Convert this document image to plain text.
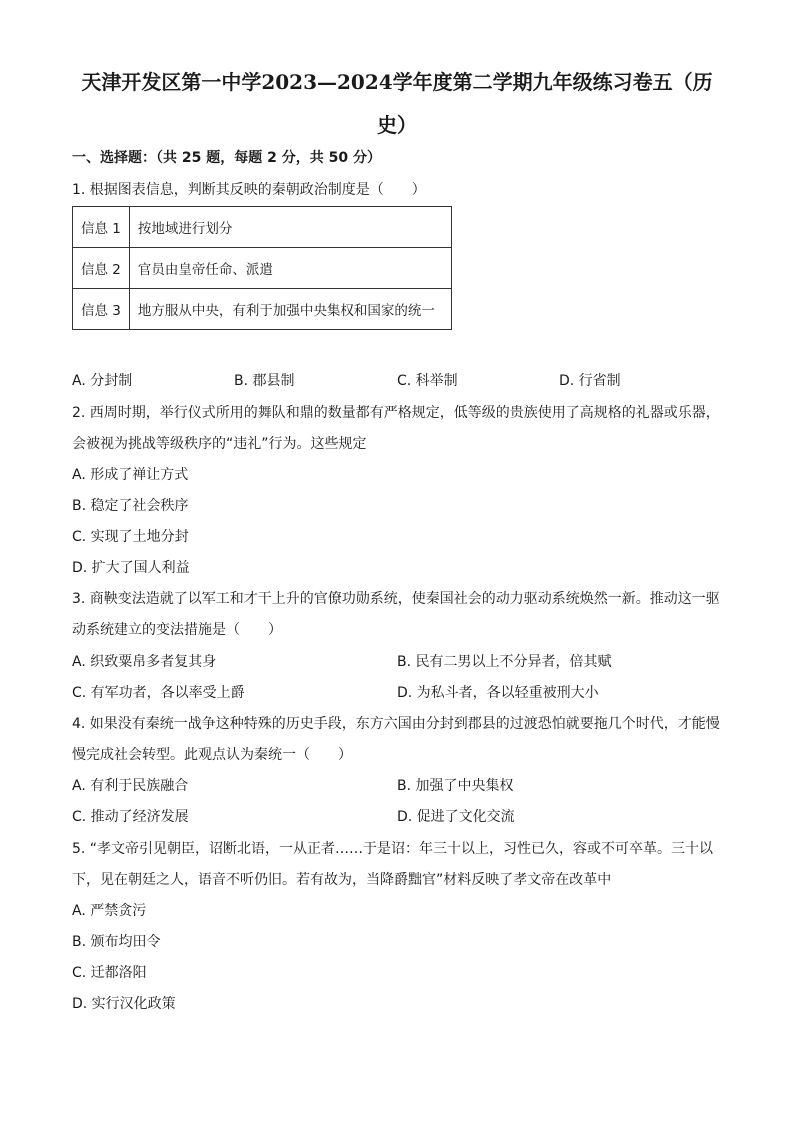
天津开发区第一中学2023—2024学年度第二学期九年级练习卷五（历
史）
一、选择题：（共 25 题，每题 2 分，共 50 分）
1. 根据图表信息，判断其反映的秦朝政治制度是（　　）
信息 1	按地域进行划分
信息 2	官员由皇帝任命、派遣
信息 3	地方服从中央，有利于加强中央集权和国家的统一
A. 分封制	B. 郡县制	C. 科举制	D. 行省制
2. 西周时期，举行仪式所用的舞队和鼎的数量都有严格规定，低等级的贵族使用了高规格的礼器或乐器，
会被视为挑战等级秩序的“违礼”行为。这些规定
A. 形成了禅让方式
B. 稳定了社会秩序
C. 实现了土地分封
D. 扩大了国人利益
3. 商鞅变法造就了以军工和才干上升的官僚功勋系统，使秦国社会的动力驱动系统焕然一新。推动这一驱
动系统建立的变法措施是（　　）
A. 织致粟帛多者复其身	B. 民有二男以上不分异者，倍其赋
C. 有军功者，各以率受上爵	D. 为私斗者，各以轻重被刑大小
4. 如果没有秦统一战争这种特殊的历史手段，东方六国由分封到郡县的过渡恐怕就要拖几个时代，才能慢
慢完成社会转型。此观点认为秦统一（　　）
A. 有利于民族融合	B. 加强了中央集权
C. 推动了经济发展	D. 促进了文化交流
5. “孝文帝引见朝臣，诏断北语，一从正者……于是诏：年三十以上，习性已久，容或不可卒革。三十以
下，见在朝廷之人，语音不听仍旧。若有故为，当降爵黜官”材料反映了孝文帝在改革中
A. 严禁贪污
B. 颁布均田令
C. 迁都洛阳
D. 实行汉化政策
